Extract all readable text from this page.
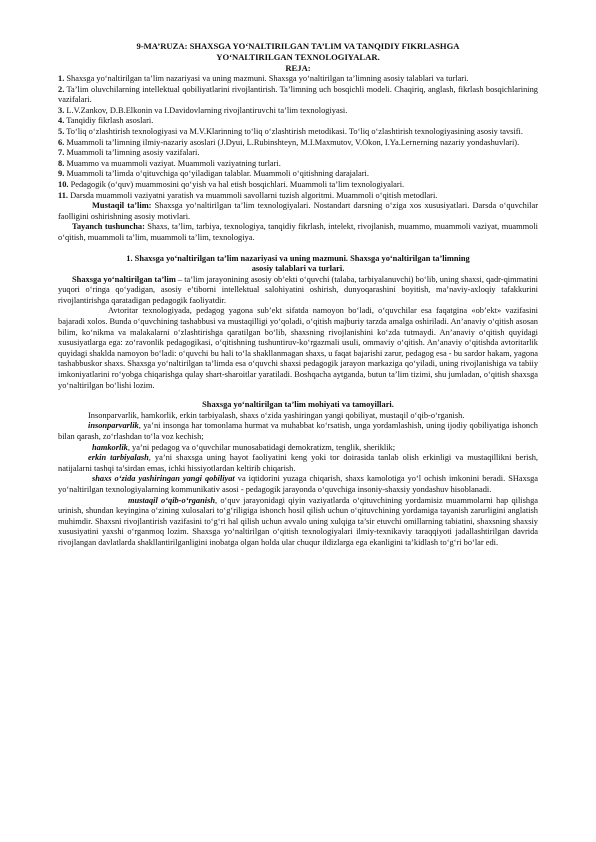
9-MA’RUZA: SHAXSGA YO‘NALTIRILGAN TA’LIM VA TANQIDIY FIKRLASHGA
YO‘NALTIRILGAN TEXNOLOGIYALAR.
REJA:

1. Shaxsga yo‘naltirilgan ta’lim nazariyasi va uning mazmuni. Shaxsga yo‘naltirilgan ta’limning asosiy talablari va turlari.

2. Ta’lim oluvchilarning intellektual qobiliyatlarini rivojlantirish. Ta’limning uch bosqichli modeli. Chaqiriq, anglash, fikrlash bosqichlarining vazifalari.

3. L.V.Zankov, D.B.Elkonin va I.Davidovlarning rivojlantiruvchi ta’lim texnologiyasi.

4. Tanqidiy fikrlash asoslari.

5. To‘liq o‘zlashtirish texnologiyasi va M.V.Klarinning to‘liq o‘zlashtirish metodikasi. To‘liq o‘zlashtirish texnologiyasining asosiy tavsifi.

6. Muammoli ta’limning ilmiy-nazariy asoslari (J.Dyui, L.Rubinshteyn, M.I.Maxmutov, V.Okon, I.Ya.Lernerning nazariy yondashuvlari).

7. Muammoli ta’limning asosiy vazifalari.

8. Muammo va muammoli vaziyat. Muammoli vaziyatning turlari.

9. Muammoli ta’limda o‘qituvchiga qo‘yiladigan talablar. Muammoli o‘qitishning darajalari.

10. Pedagogik (o‘quv) muammosini qo‘yish va hal etish bosqichlari. Muammoli ta’lim texnologiyalari.

11. Darsda muammoli vaziyatni yaratish va muammoli savollarni tuzish algoritmi. Muammoli o‘qitish metodlari.

Mustaqil ta’lim: Shaxsga yo‘naltirilgan ta’lim texnologiyalari. Nostandart darsning o‘ziga xos xususiyatlari. Darsda o‘quvchilar faolligini oshirishning asosiy motivlari.

Tayanch tushuncha: Shaxs, ta’lim, tarbiya, texnologiya, tanqidiy fikrlash, intelekt, rivojlanish, muammo, muammoli vaziyat, muammoli o‘qitish, muammoli ta’lim, muammoli ta’lim, texnologiya.

1. Shaxsga yo‘naltirilgan ta’lim nazariyasi va uning mazmuni. Shaxsga yo‘naltirilgan ta’limning
asosiy talablari va turlari.

Shaxsga yo‘naltirilgan ta’lim – ta’lim jarayonining asosiy ob’ekti o‘quvchi (talaba, tarbiyalanuvchi) bo‘lib, uning shaxsi, qadr-qimmatini yuqori o‘ringa qo‘yadigan, asosiy e’tiborni intellektual salohiyatini oshirish, dunyoqarashini boyitish, ma’naviy-axloqiy tafakkurini rivojlantirishga qaratadigan pedagogik faoliyatdir.

Avtoritar texnologiyada, pedagog yagona sub’ekt sifatda namoyon bo‘ladi, o‘quvchilar esa faqatgina «ob’ekt» vazifasini bajaradi xolos. Bunda o‘quvchining tashabbusi va mustaqilligi yo‘qoladi, o‘qitish majburiy tarzda amalga oshiriladi. An’anaviy o‘qitish asosan bilim, ko‘nikma va malakalarni o‘zlashtirishga qaratilgan bo‘lib, shaxsning rivojlanishini ko‘zda tutmaydi. An’anaviy o‘qitish quyidagi xususiyatlarga ega: zo‘ravonlik pedagogikasi, o‘qitishning tushuntiruv-ko‘rgazmali usuli, ommaviy o‘qitish. An’anaviy o‘qitishda avtoritarlik quyidagi shaklda namoyon bo‘ladi: o‘quvchi bu hali to‘la shakllanmagan shaxs, u faqat bajarishi zarur, pedagog esa - bu sardor hakam, yagona tashabbuskor shaxs. Shaxsga yo‘naltirilgan ta’limda esa o‘quvchi shaxsi pedagogik jarayon markaziga qo‘yiladi, uning rivojlanishiga va tabiiy imkoniyatlarini ro‘yobga chiqarishga qulay shart-sharoitlar yaratiladi. Boshqacha aytganda, butun ta’lim tizimi, shu jumladan, o‘qitish shaxsga yo‘naltirilgan bo‘lishi lozim.

Shaxsga yo‘naltirilgan ta’lim mohiyati va tamoyillari.

Insonparvarlik, hamkorlik, erkin tarbiyalash, shaxs o‘zida yashiringan yangi qobiliyat, mustaqil o‘qib-o‘rganish.

insonparvarlik, ya’ni insonga har tomonlama hurmat va muhabbat ko‘rsatish, unga yordamlashish, uning ijodiy qobiliyatiga ishonch bilan qarash, zo‘rlashdan to‘la voz kechish;

hamkorlik, ya’ni pedagog va o‘quvchilar munosabatidagi demokratizm, tenglik, sheriklik;

erkin tarbiyalash, ya’ni shaxsga uning hayot faoliyatini keng yoki tor doirasida tanlab olish erkinligi va mustaqillikni berish, natijalarni tashqi ta’sirdan emas, ichki hissiyotlardan keltirib chiqarish.

shaxs o‘zida yashiringan yangi qobiliyat va iqtidorini yuzaga chiqarish, shaxs kamolotiga yo‘l ochish imkonini beradi. SHaxsga yo‘naltirilgan texnologiyalarning kommunikativ asosi - pedagogik jarayonda o‘quvchiga insoniy-shaxsiy yondashuv hisoblanadi.

mustaqil o‘qib-o‘rganish, o‘quv jarayonidagi qiyin vaziyatlarda o‘qituvchining yordamisiz muammolarni hap qilishga urinish, shundan keyingina o‘zining xulosalari to‘g‘riligiga ishonch hosil qilish uchun o‘qituvchining yordamiga tayanish zarurligini anglatish muhimdir. Shaxsni rivojlantirish vazifasini to‘g‘ri hal qilish uchun avvalo uning xulqiga ta’sir etuvchi omillarning tabiatini, shaxsning shaxsiy xususiyatini yaxshi o‘rganmoq lozim. Shaxsga yo‘naltirilgan o‘qitish texnologiyalari ilmiy-texnikaviy taraqqiyoti jadallashtirilgan davrida rivojlangan davlatlarda shakllantirilganligini inobatga olgan holda ular chuqur ildizlarga ega ekanligini ta’kidlash to‘g‘ri bo‘lar edi.
